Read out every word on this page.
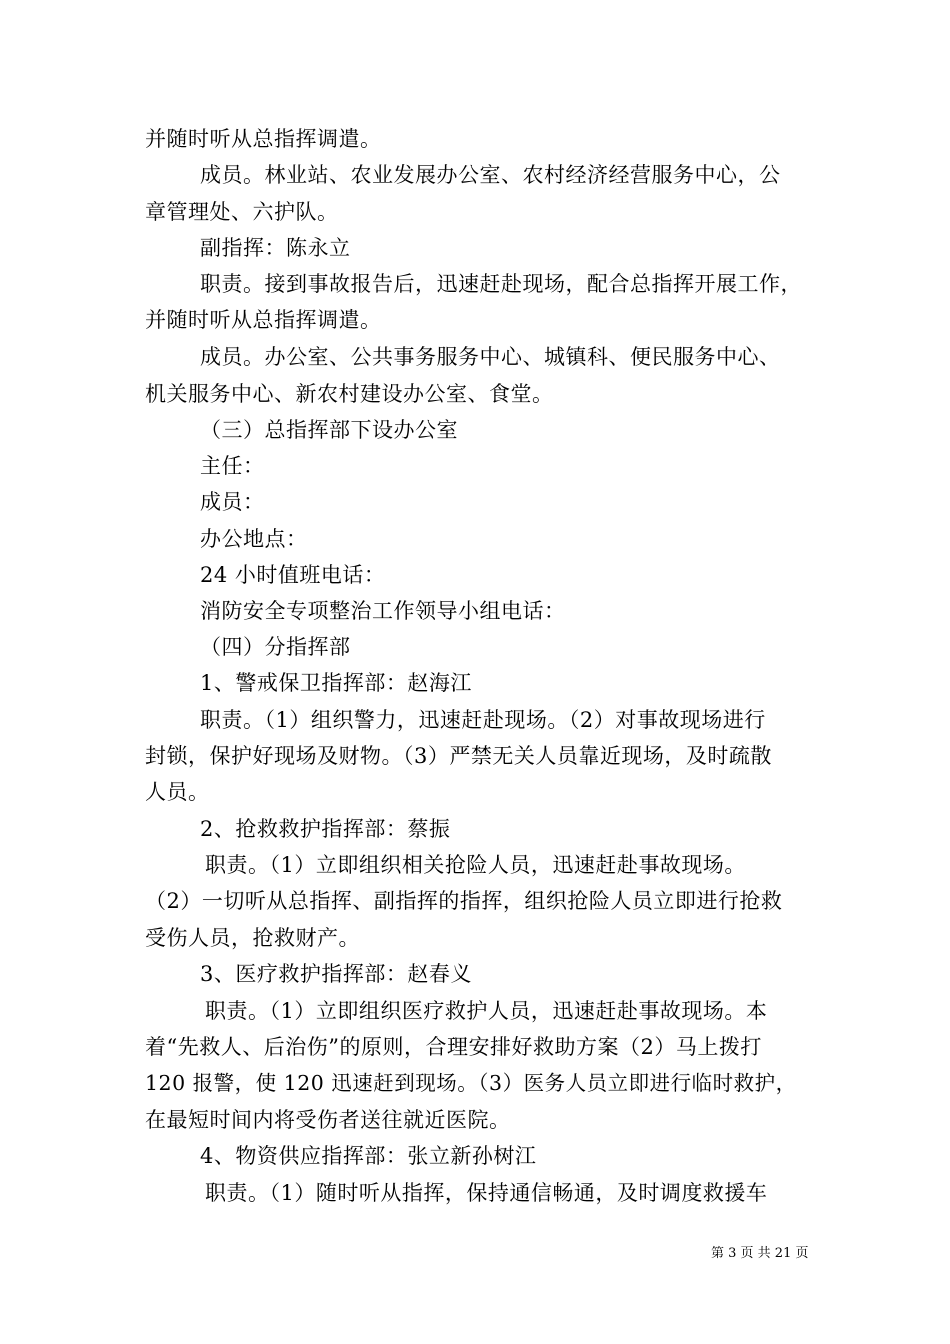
并随时听从总指挥调遣。
成员。林业站、农业发展办公室、农村经济经营服务中心，公
章管理处、六护队。
副指挥：陈永立
职责。接到事故报告后，迅速赶赴现场，配合总指挥开展工作，
并随时听从总指挥调遣。
成员。办公室、公共事务服务中心、城镇科、便民服务中心、
机关服务中心、新农村建设办公室、食堂。
（三）总指挥部下设办公室
主任：
成员：
办公地点：
24 小时值班电话：
消防安全专项整治工作领导小组电话：
（四）分指挥部
1、警戒保卫指挥部：赵海江
职责。（1）组织警力，迅速赶赴现场。（2）对事故现场进行
封锁，保护好现场及财物。（3）严禁无关人员靠近现场，及时疏散
人员。
2、抢救救护指挥部：蔡振
职责。（1）立即组织相关抢险人员，迅速赶赴事故现场。
（2）一切听从总指挥、副指挥的指挥，组织抢险人员立即进行抢救
受伤人员，抢救财产。
3、医疗救护指挥部：赵春义
职责。（1）立即组织医疗救护人员，迅速赶赴事故现场。本
着“先救人、后治伤”的原则，合理安排好救助方案（2）马上拨打
120 报警，使 120 迅速赶到现场。（3）医务人员立即进行临时救护，
在最短时间内将受伤者送往就近医院。
4、物资供应指挥部：张立新孙树江
职责。（1）随时听从指挥，保持通信畅通，及时调度救援车
第 3 页 共 21 页
